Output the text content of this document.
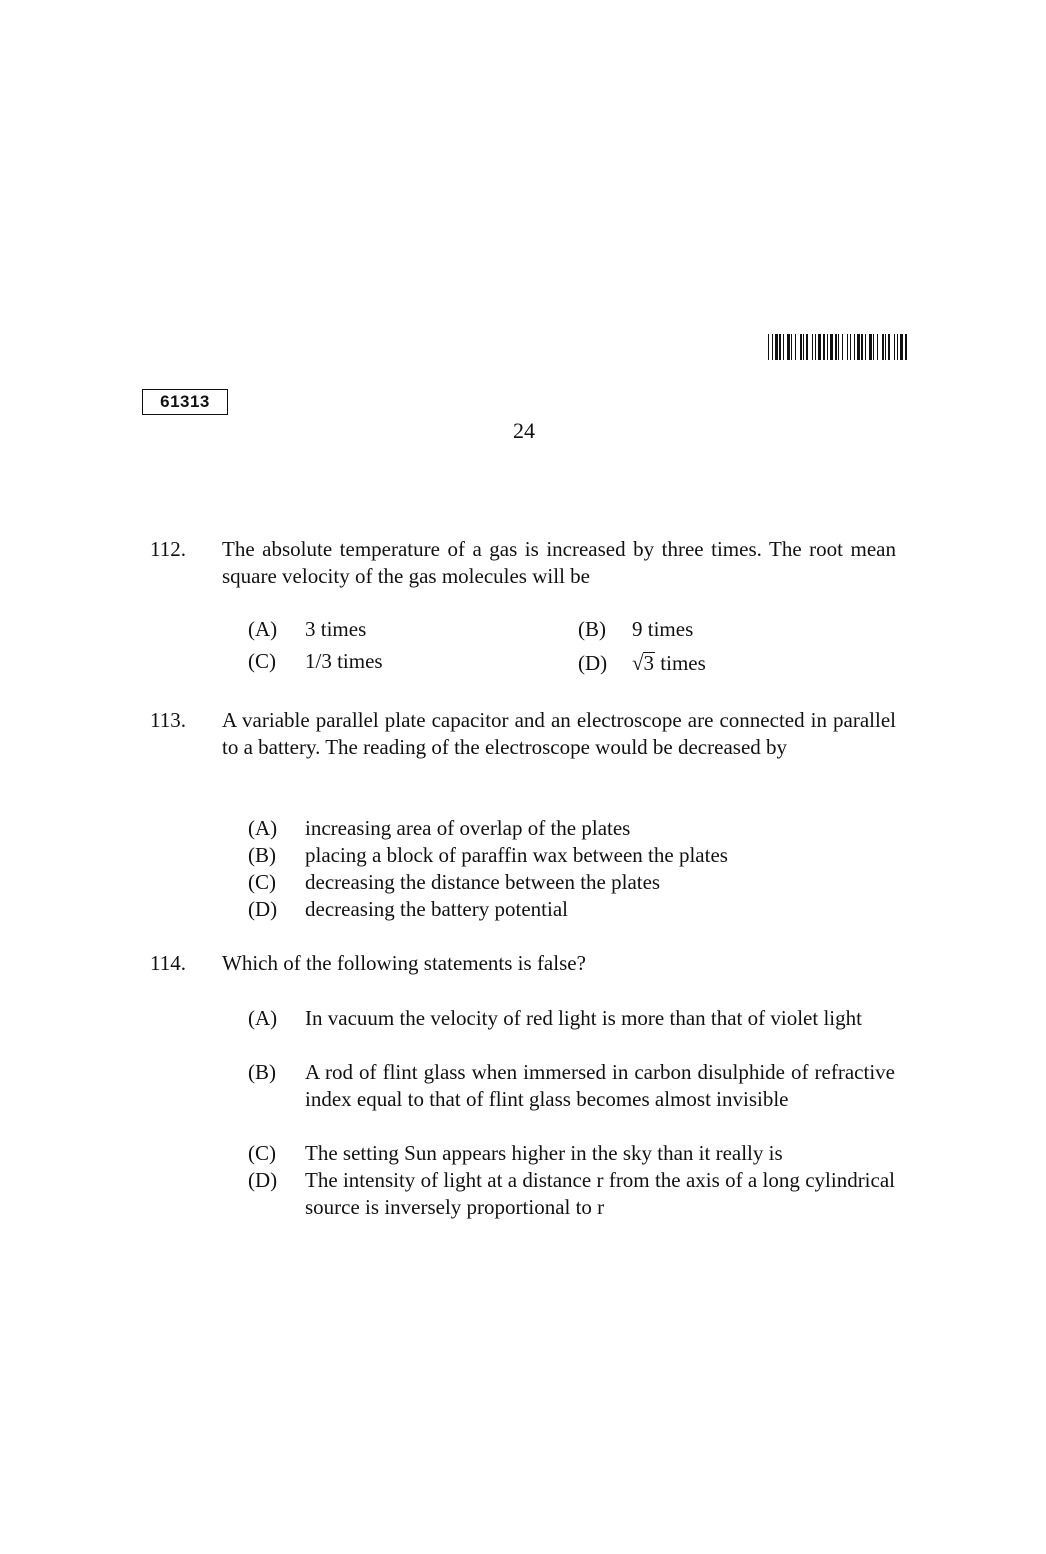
61313
24
112. The absolute temperature of a gas is increased by three times. The root mean square velocity of the gas molecules will be
(A) 3 times	(B) 9 times
(C) 1/3 times	(D) √3 times
113. A variable parallel plate capacitor and an electroscope are connected in parallel to a battery. The reading of the electroscope would be decreased by
(A) increasing area of overlap of the plates
(B) placing a block of paraffin wax between the plates
(C) decreasing the distance between the plates
(D) decreasing the battery potential
114. Which of the following statements is false?
(A) In vacuum the velocity of red light is more than that of violet light
(B) A rod of flint glass when immersed in carbon disulphide of refractive index equal to that of flint glass becomes almost invisible
(C) The setting Sun appears higher in the sky than it really is
(D) The intensity of light at a distance r from the axis of a long cylindrical source is inversely proportional to r
